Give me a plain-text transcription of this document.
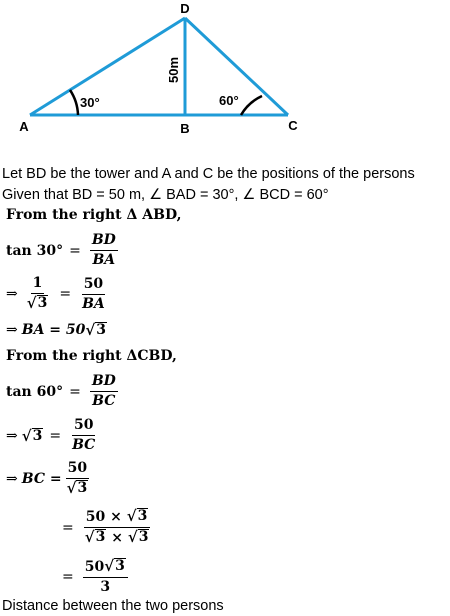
D
A	B	C
50m
30°	60°
Let BD be the tower and A and C be the positions of the persons
Given that BD = 50 m, ∠ BAD = 30°, ∠ BCD = 60°
From the right Δ ABD,
$\tan 30^\circ = \frac{BD}{BA}$
⇒ $\frac{1}{√ 3} = \frac{50}{BA}$
⇒ BA = 50 √ 3
From the right ΔCBD,
$\tan 60^\circ = \frac{BD}{BC}$
⇒ √ $3 = \frac{50}{BC}$
⇒ BC = $\frac{50}{√ 3}$
= $\frac{50 \times √ 3}{√ 3 \times √ 3}$
= $\frac{50 √ 3}{3}$
Distance between the two persons
